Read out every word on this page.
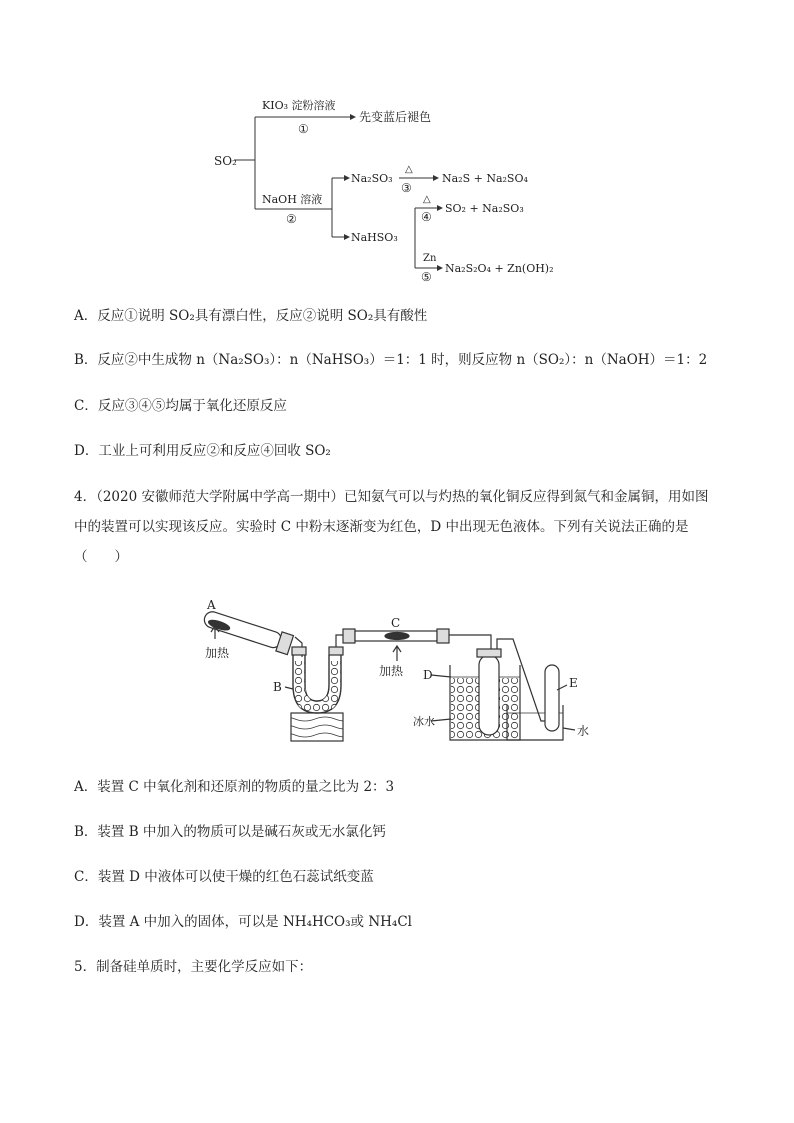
SO₂
KIO₃ 淀粉溶液
①
先变蓝后褪色
NaOH 溶液
②
Na₂SO₃
△
③
Na₂S + Na₂SO₄
NaHSO₃
△
④
SO₂ + Na₂SO₃
Zn
⑤
Na₂S₂O₄ + Zn(OH)₂
A．反应①说明 SO₂具有漂白性，反应②说明 SO₂具有酸性
B．反应②中生成物 n（Na₂SO₃）：n（NaHSO₃）＝1：1 时，则反应物 n（SO₂）：n（NaOH）＝1：2
C．反应③④⑤均属于氧化还原反应
D．工业上可利用反应②和反应④回收 SO₂
4．（2020 安徽师范大学附属中学高一期中）已知氨气可以与灼热的氧化铜反应得到氮气和金属铜，用如图中的装置可以实现该反应。实验时 C 中粉末逐渐变为红色，D 中出现无色液体。下列有关说法正确的是（　　）
A
加热
B
C
加热 D
冰水
E
水
A．装置 C 中氧化剂和还原剂的物质的量之比为 2：3
B．装置 B 中加入的物质可以是碱石灰或无水氯化钙
C．装置 D 中液体可以使干燥的红色石蕊试纸变蓝
D．装置 A 中加入的固体，可以是 NH₄HCO₃或 NH₄Cl
5．制备硅单质时，主要化学反应如下：
